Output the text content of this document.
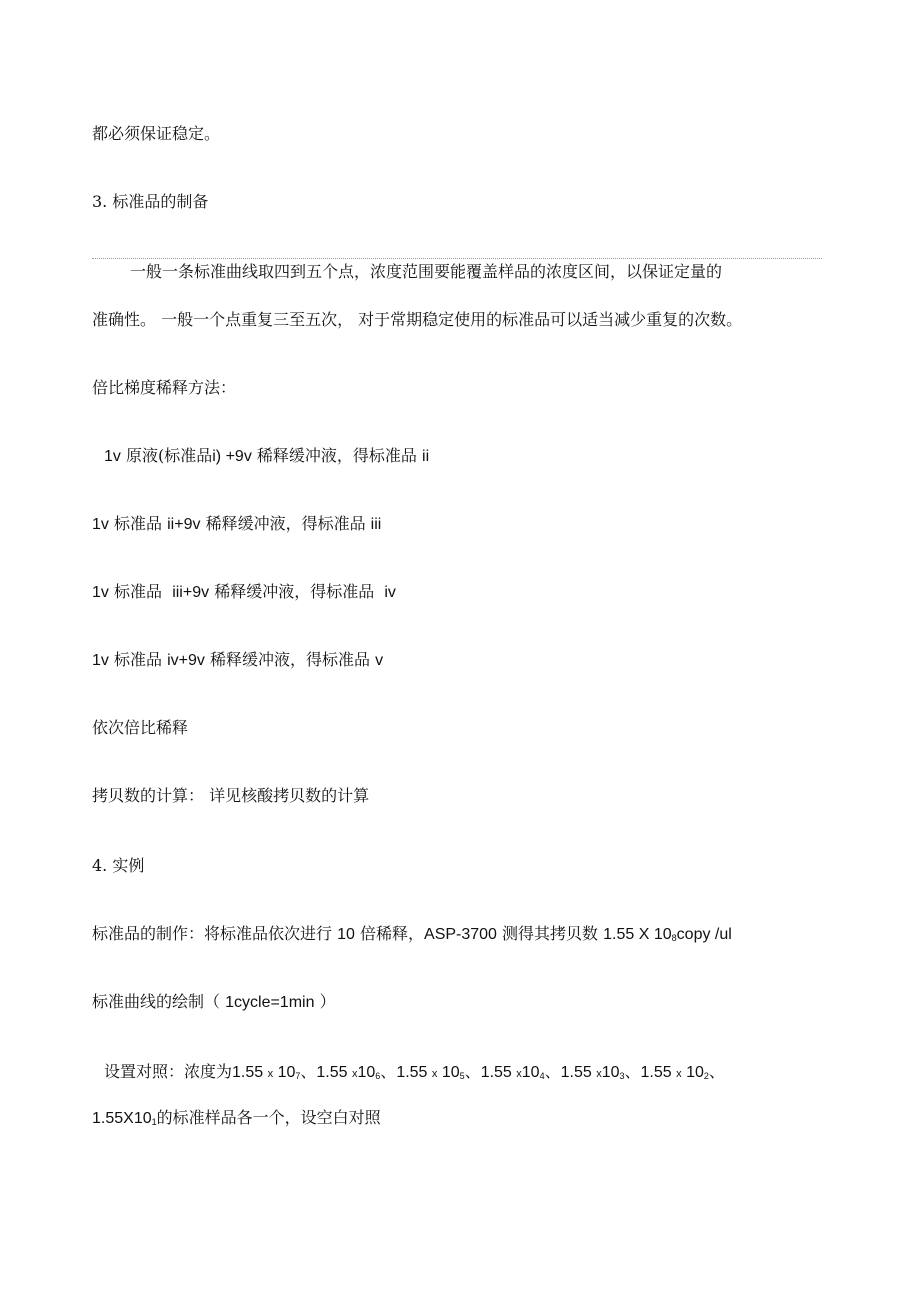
都必须保证稳定。
3. 标准品的制备
一般一条标准曲线取四到五个点，浓度范围要能覆盖样品的浓度区间，以保证定量的
准确性。 一般一个点重复三至五次， 对于常期稳定使用的标准品可以适当减少重复的次数。
倍比梯度稀释方法：
1v 原液(标准品i) +9v 稀释缓冲液，得标准品 ii
1v 标准品 ii+9v 稀释缓冲液，得标准品 iii
1v 标准品 iii+9v 稀释缓冲液，得标准品 iv
1v 标准品 iv+9v 稀释缓冲液，得标准品 v
依次倍比稀释
拷贝数的计算： 详见核酸拷贝数的计算
4. 实例
标准品的制作：将标准品依次进行 10 倍稀释，ASP-3700 测得其拷贝数 1.55 X $10_8copy$ /ul
标准曲线的绘制（ 1cycle=1min ）
设置对照：浓度为1.55 x $10_7$、1.55 $x10_6$、1.55 x $10_5$、1.55 $x10_4$、1.55 $x10_3$、1.55 x $10_2$、
$1.55X10_1$的标准样品各一个，设空白对照
